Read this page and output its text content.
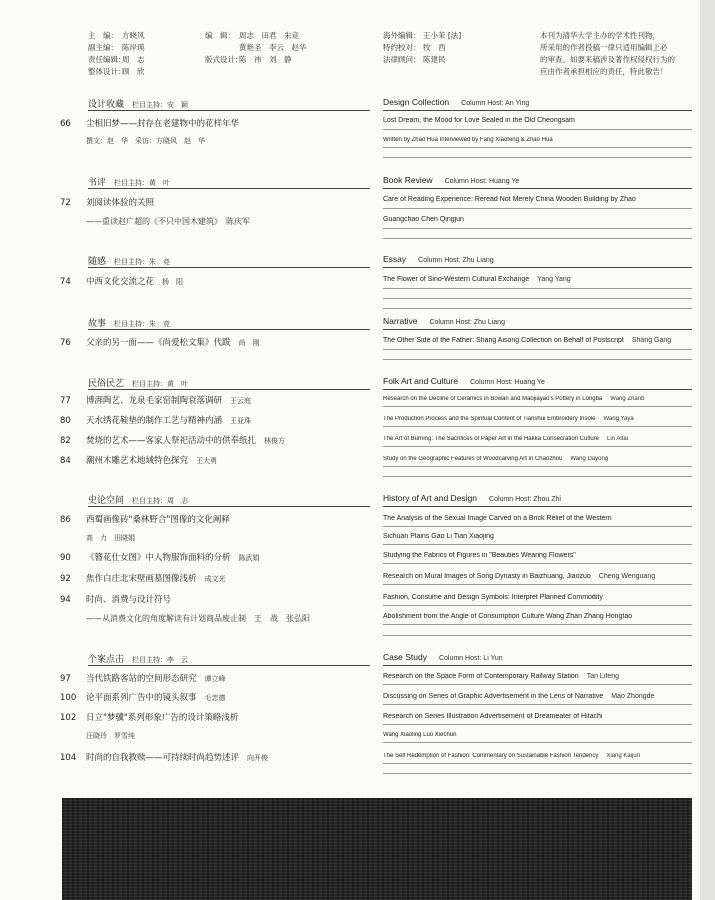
主　编： 方晓风
副主编： 陈岸瑛
责任编辑：周　志
整体设计：顾　欣
编　辑： 周志　田君　朱竞
黄艳圣　李云　赵华
版式设计：陈　祎　刘　静
海外编辑： 王小茉 [法]
特约校对： 牧　西
法律顾问： 陈建民
本刊为清华大学主办的学术性刊物，
所采用的作者投稿一律只适用编辑上必
的审查。如要来稿涉及著作权侵权行为的
应由作者承担相应的责任，特此敬告！
设计收藏 栏目主持：安　颖	Design Collection Column Host: An Ying
66 尘相旧梦——封存在老建物中的花样年华
撰文：赵　华　采访：方晓风　赵　华
Lost Dream, the Mood for Love Sealed in the Old Cheongsam
Written by Zhao Hua Interviewed by Fang Xiaofeng & Zhao Hua
书评 栏目主持：黄　叶	Book Review Column Host: Huang Ye
72 刘阅读体验的关照
——重读赵广超的《不只中国木建筑》　陈庆军
Care of Reading Experience: Reread Not Merely China Wooden Building by Zhao
Guangchao Chen Qingjun
随感 栏目主持：朱　竞	Essay Column Host: Zhu Liang
74 中西文化交流之花 杨　阳	The Flower of Sino-Western Cultural Exchange Yang Yang
故事 栏目主持：朱　竞	Narrative Column Host: Zhu Liang
76 父亲的另一面——《尚爱松文集》代跋 尚　刚	The Other Side of the Father: Shang Aisong Collection on Behalf of Postscript Shang Gang
民俗民艺 栏目主持：黄　叶	Folk Art and Culture Column Host: Huang Ye
77 博湃陶艺、龙泉毛家窑制陶衰落调研 王云庭	Research on the Decline of Ceramics in Bowan and Maojiayao's Pottery in Longba Wang Zhanb
80 天水绣花鞋垫的制作工艺与精神内涵 王亚珠	The Production Process and the Spiritual Content of Tianshui Embroidery Insole Wang Yaya
82 焚烧的艺术——客家人祭祀活动中的供奉纸扎 林俊方	The Art of Burning: The Sacrifices of Paper Art in the Hakka Consecration Culture Lin Altai
84 潮州木雕艺术地域特色探究 王大勇	Study on the Geographic Features of Woodcarving Art in Chaozhou Wang Dayong
史论空间 栏目主持：周　志	History of Art and Design Column Host: Zhou Zhi
86 西蜀画像砖"桑林野合"图像的文化阐释
高　力　田晓娟
The Analysis of the Sexual Image Carved on a Brick Relief of the Western
Sichuan Plains Gao Li Tian Xiaojing
90 《簪花仕女图》中人物服饰面料的分析 陈武娟	Studying the Fabrics of Figures in "Beauties Wearing Flowers"
92 焦作白庄北宋壁画墓图像浅析 成文光	Research on Mural Images of Song Dynasty in Baizhuang, Jiaozuo Cheng Wenguang
94 时尚、消费与设计符号
——从消费文化的角度解读有计划商品废止制　王　战　张弘阳
Fashion, Consume and Design Symbols: Interpret Planned Commodity
Abolishment from the Angle of Consumption Culture Wang Zhan Zhang Hongtao
个案点击 栏目主持：李　云	Case Study Column Host: Li Yun
97 当代铁路客站的空间形态研究 谭立峰	Research on the Space Form of Contemporary Railway Station Tan Lifeng
100 论平面系列广告中的镜头叙事 毛忠德	Discussing on Series of Graphic Advertisement in the Lens of Narrative Mao Zhongde
102 日立"梦骥"系列形象广告的设计策略浅析
汪晓玲　罗雪纯
Research on Series Illustration Advertisement of Dreameater of Hitachi
Wang Xiaoling Luo Xiechun
104 时尚的自我救赎——可持续时尚趋势述评 向开俊	The Self Redemption of Fashion: Commentary on Sustainable Fashion Tendency Xiang Kaijun
